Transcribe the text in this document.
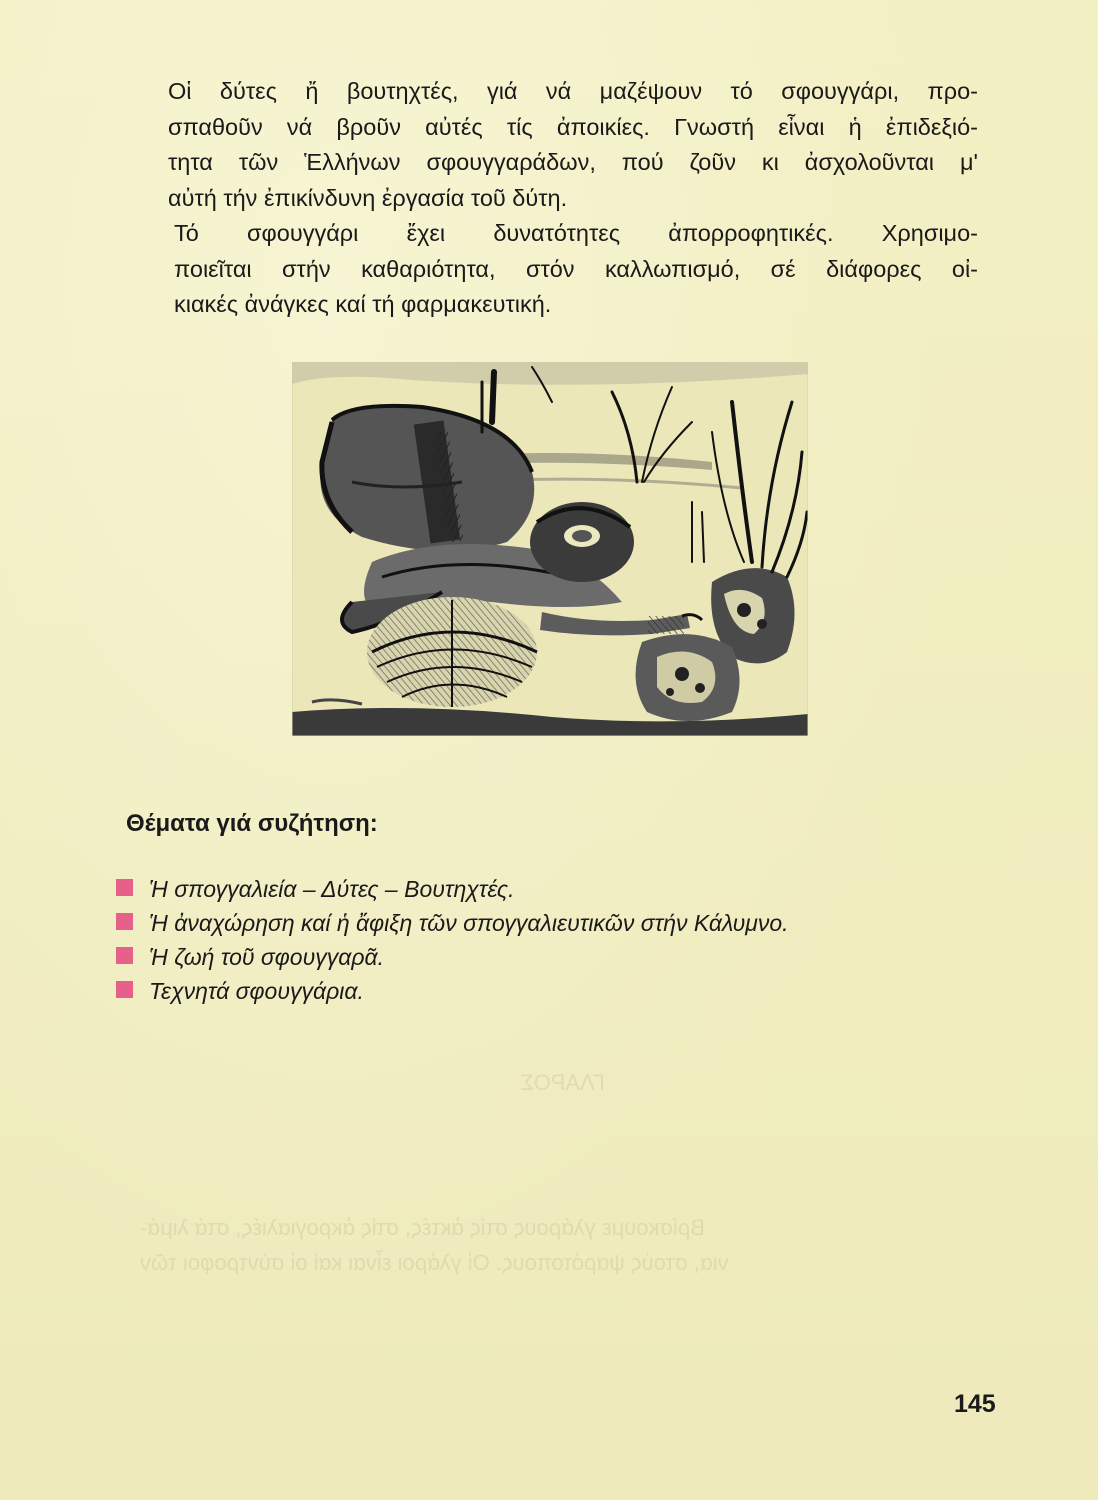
ΓΛΑΡΟΣ
Βρίσκουμε γλάρους στίς ἀκτές, στίς ἀκρογιαλιές, στά λιμά-
νια, στούς ψαρότοπους. Οἱ γλάροι εἶναι καί οἱ σύντροφοι τῶν
Οἱ δύτες ἤ βουτηχτές, γιά νά μαζέψουν τό σφουγγάρι, προ-
σπαθοῦν νά βροῦν αὐτές τίς ἀποικίες. Γνωστή εἶναι ἡ ἐπιδεξιό-
τητα τῶν Ἑλλήνων σφουγγαράδων, πού ζοῦν κι ἀσχολοῦνται μ'
αὐτή τήν ἐπικίνδυνη ἐργασία τοῦ δύτη.
Τό σφουγγάρι ἔχει δυνατότητες ἀπορροφητικές. Χρησιμο-
ποιεῖται στήν καθαριότητα, στόν καλλωπισμό, σέ διάφορες οἰ-
κιακές ἀνάγκες καί τή φαρμακευτική.
Θέματα γιά συζήτηση:
Ἡ σπογγαλιεία – Δύτες – Βουτηχτές.
Ἡ ἀναχώρηση καί ἡ ἄφιξη τῶν σπογγαλιευτικῶν στήν Κάλυμνο.
Ἡ ζωή τοῦ σφουγγαρᾶ.
Τεχνητά σφουγγάρια.

145
